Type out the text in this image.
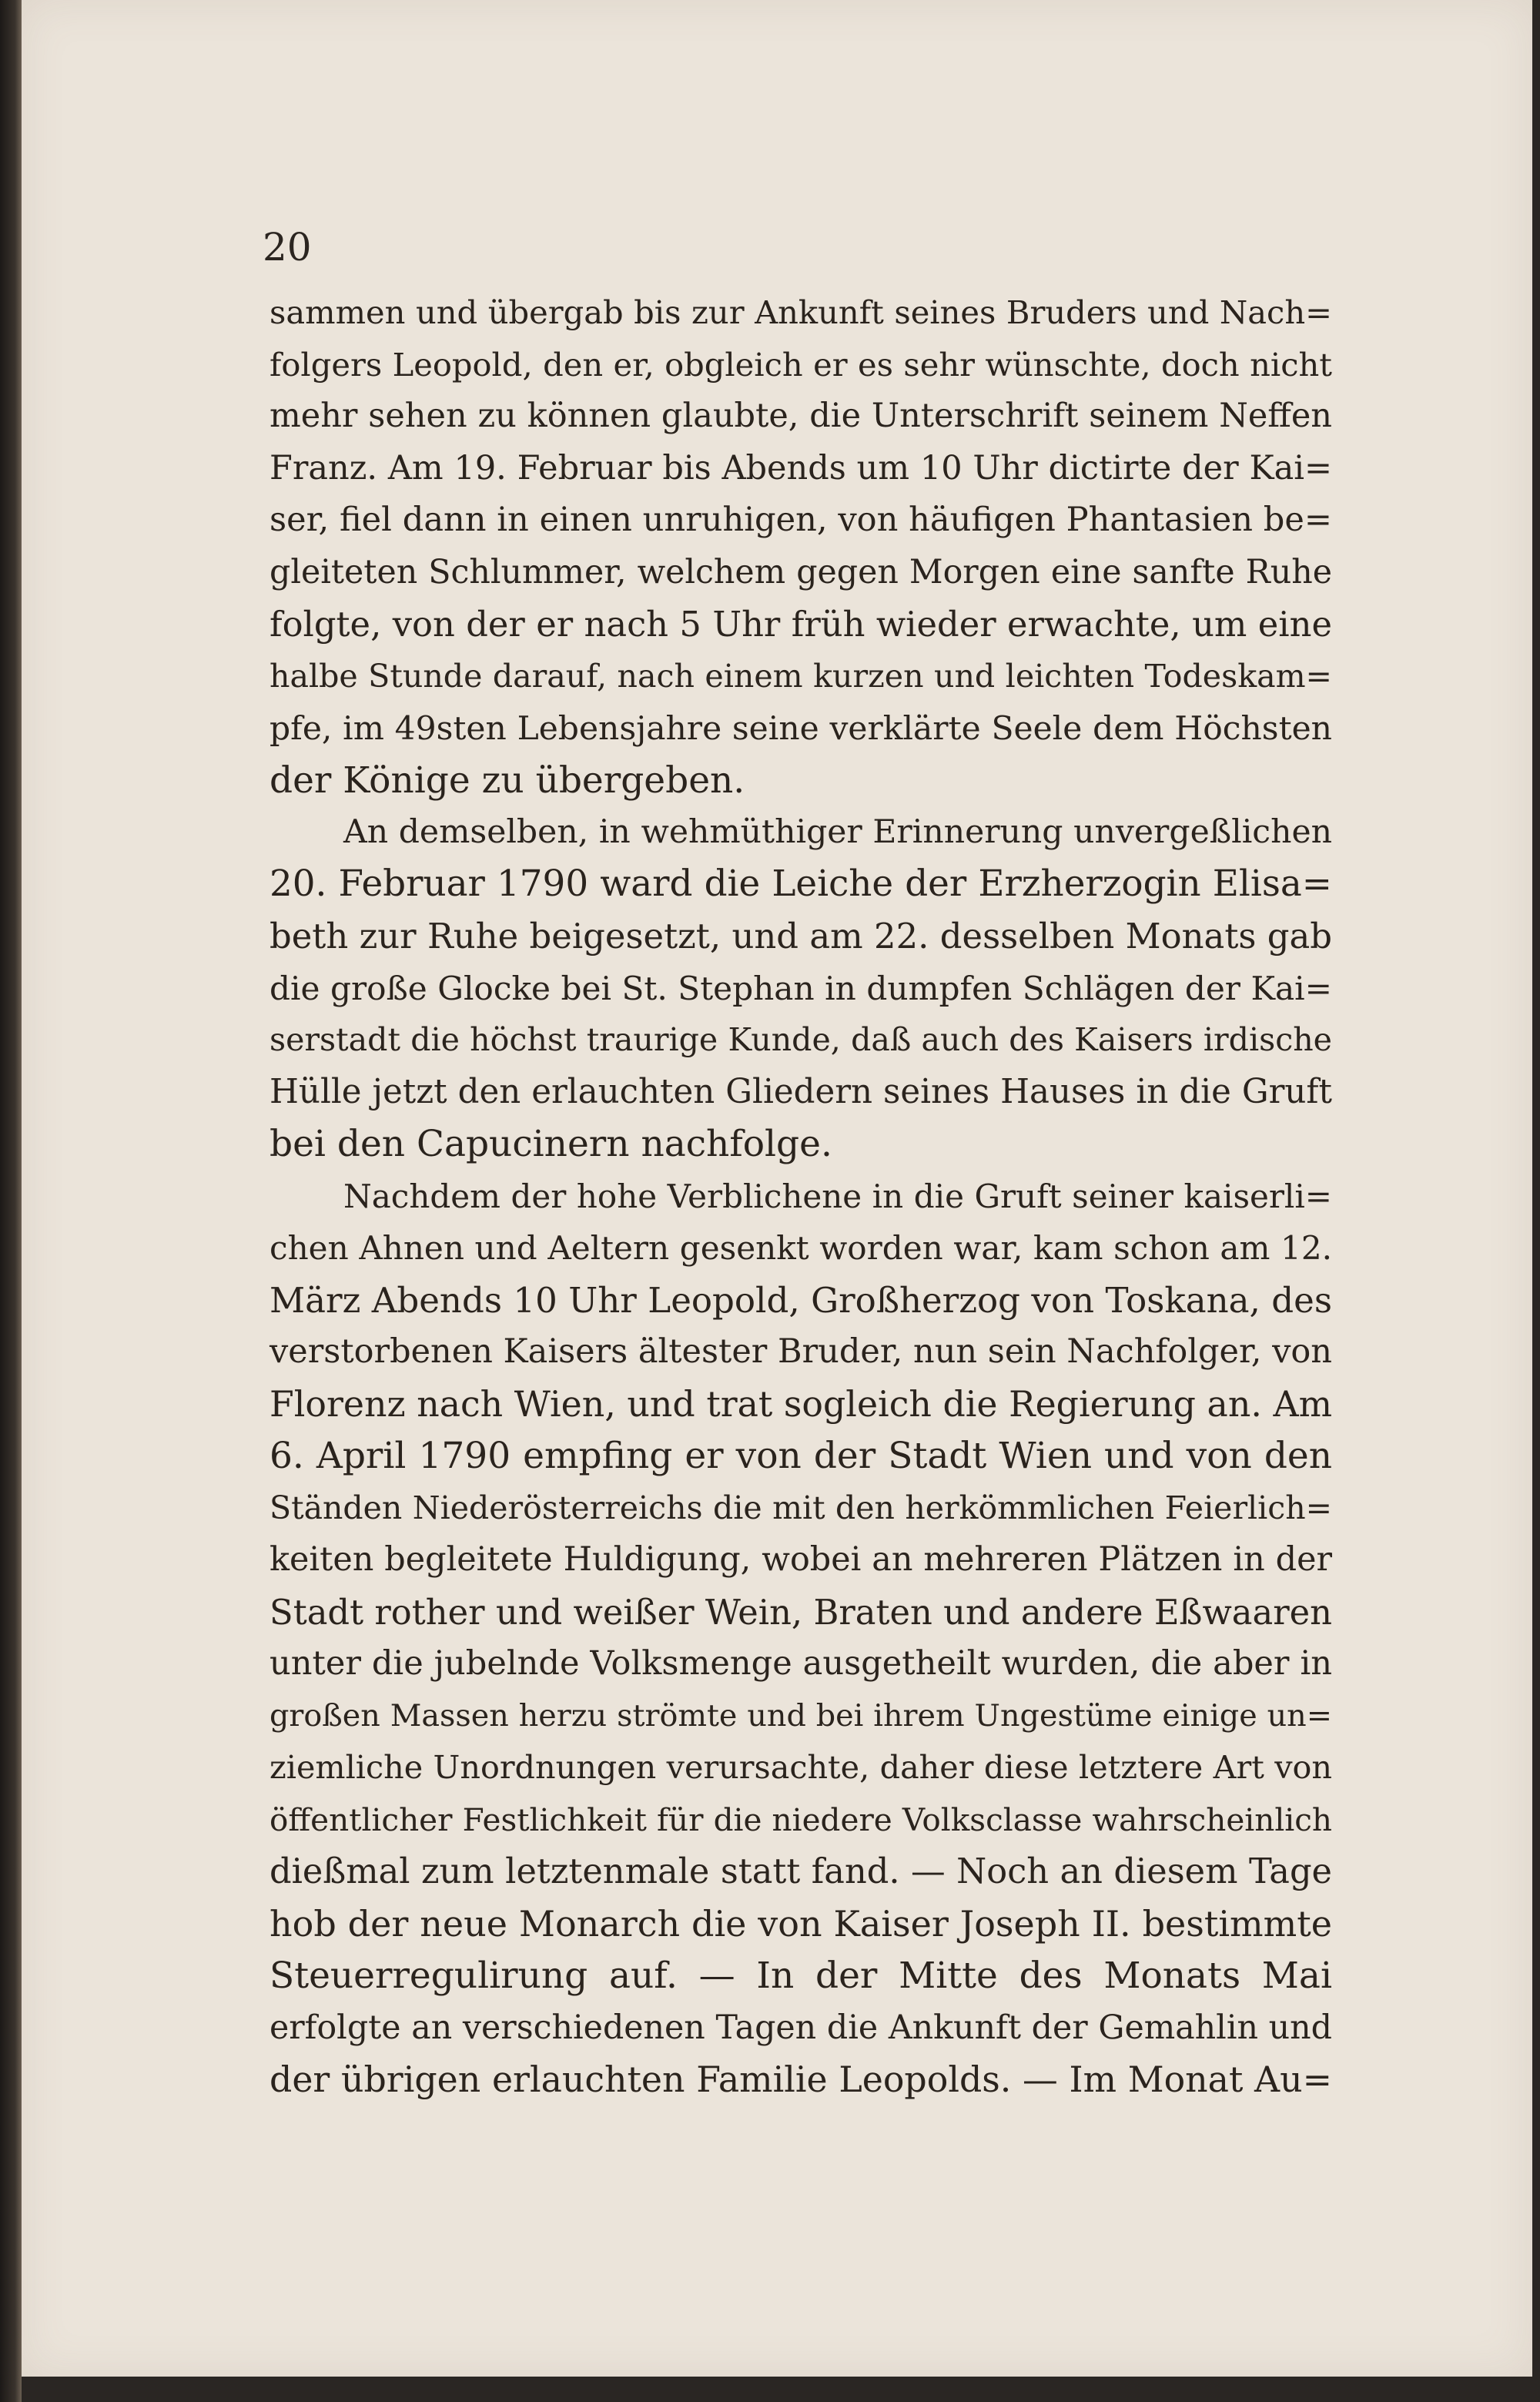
20
sammen und übergab bis zur Ankunft seines Bruders und Nach=
folgers Leopold, den er, obgleich er es sehr wünschte, doch nicht
mehr sehen zu können glaubte, die Unterschrift seinem Neffen
Franz. Am 19. Februar bis Abends um 10 Uhr dictirte der Kai=
ser, fiel dann in einen unruhigen, von häufigen Phantasien be=
gleiteten Schlummer, welchem gegen Morgen eine sanfte Ruhe
folgte, von der er nach 5 Uhr früh wieder erwachte, um eine
halbe Stunde darauf, nach einem kurzen und leichten Todeskam=
pfe, im 49sten Lebensjahre seine verklärte Seele dem Höchsten
der Könige zu übergeben.
An demselben, in wehmüthiger Erinnerung unvergeßlichen
20. Februar 1790 ward die Leiche der Erzherzogin Elisa=
beth zur Ruhe beigesetzt, und am 22. desselben Monats gab
die große Glocke bei St. Stephan in dumpfen Schlägen der Kai=
serstadt die höchst traurige Kunde, daß auch des Kaisers irdische
Hülle jetzt den erlauchten Gliedern seines Hauses in die Gruft
bei den Capucinern nachfolge.
Nachdem der hohe Verblichene in die Gruft seiner kaiserli=
chen Ahnen und Aeltern gesenkt worden war, kam schon am 12.
März Abends 10 Uhr Leopold, Großherzog von Toskana, des
verstorbenen Kaisers ältester Bruder, nun sein Nachfolger, von
Florenz nach Wien, und trat sogleich die Regierung an. Am
6. April 1790 empfing er von der Stadt Wien und von den
Ständen Niederösterreichs die mit den herkömmlichen Feierlich=
keiten begleitete Huldigung, wobei an mehreren Plätzen in der
Stadt rother und weißer Wein, Braten und andere Eßwaaren
unter die jubelnde Volksmenge ausgetheilt wurden, die aber in
großen Massen herzu strömte und bei ihrem Ungestüme einige un=
ziemliche Unordnungen verursachte, daher diese letztere Art von
öffentlicher Festlichkeit für die niedere Volksclasse wahrscheinlich
dießmal zum letztenmale statt fand. — Noch an diesem Tage
hob der neue Monarch die von Kaiser Joseph II. bestimmte
Steuerregulirung auf. — In der Mitte des Monats Mai
erfolgte an verschiedenen Tagen die Ankunft der Gemahlin und
der übrigen erlauchten Familie Leopolds. — Im Monat Au=
